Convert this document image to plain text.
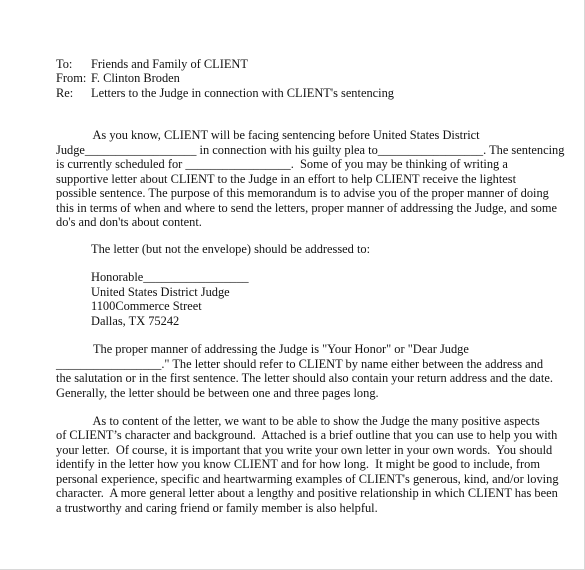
To: Friends and Family of CLIENT
From: F. Clinton Broden
Re: Letters to the Judge in connection with CLIENT's sentencing
As you know, CLIENT will be facing sentencing before United States District
Judge__________________ in connection with his guilty plea to_________________. The sentencing
is currently scheduled for _________________.  Some of you may be thinking of writing a
supportive letter about CLIENT to the Judge in an effort to help CLIENT receive the lightest
possible sentence. The purpose of this memorandum is to advise you of the proper manner of doing
this in terms of when and where to send the letters, proper manner of addressing the Judge, and some
do's and don'ts about content.
The letter (but not the envelope) should be addressed to:
Honorable_________________
United States District Judge
1100Commerce Street
Dallas, TX 75242
The proper manner of addressing the Judge is "Your Honor" or "Dear Judge
_________________." The letter should refer to CLIENT by name either between the address and
the salutation or in the first sentence. The letter should also contain your return address and the date.
Generally, the letter should be between one and three pages long.
As to content of the letter, we want to be able to show the Judge the many positive aspects
of CLIENT’s character and background.  Attached is a brief outline that you can use to help you with
your letter.  Of course, it is important that you write your own letter in your own words.  You should
identify in the letter how you know CLIENT and for how long.  It might be good to include, from
personal experience, specific and heartwarming examples of CLIENT's generous, kind, and/or loving
character.  A more general letter about a lengthy and positive relationship in which CLIENT has been
a trustworthy and caring friend or family member is also helpful.
